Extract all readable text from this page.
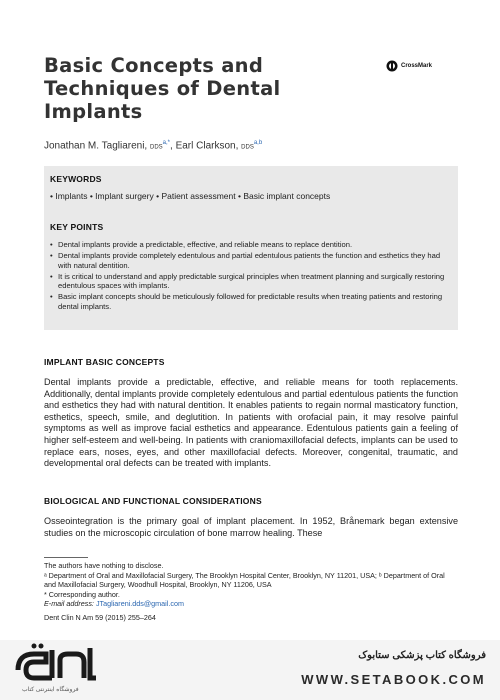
Basic Concepts and Techniques of Dental Implants
CrossMark
Jonathan M. Tagliareni, $DDS^{a,*}$, Earl Clarkson, DDS$^{a,b}$
KEYWORDS
• Implants • Implant surgery • Patient assessment • Basic implant concepts
KEY POINTS
• Dental implants provide a predictable, effective, and reliable means to replace dentition.
• Dental implants provide completely edentulous and partial edentulous patients the function and esthetics they had with natural dentition.
• It is critical to understand and apply predictable surgical principles when treatment planning and surgically restoring edentulous spaces with implants.
• Basic implant concepts should be meticulously followed for predictable results when treating patients and restoring dental implants.
IMPLANT BASIC CONCEPTS

Dental implants provide a predictable, effective, and reliable means for tooth replacements. Additionally, dental implants provide completely edentulous and partial edentulous patients the function and esthetics they had with natural dentition. It enables patients to regain normal masticatory function, esthetics, speech, smile, and deglutition. In patients with orofacial pain, it may resolve painful symptoms as well as improve facial esthetics and appearance. Edentulous patients gain a feeling of higher self-esteem and well-being. In patients with craniomaxillofacial defects, implants can be used to replace ears, noses, eyes, and other maxillofacial defects. Moreover, congenital, traumatic, and developmental oral defects can be treated with implants.

BIOLOGICAL AND FUNCTIONAL CONSIDERATIONS

Osseointegration is the primary goal of implant placement. In 1952, Brånemark began extensive studies on the microscopic circulation of bone marrow healing. These

The authors have nothing to disclose.
ᵃ Department of Oral and Maxillofacial Surgery, The Brooklyn Hospital Center, Brooklyn, NY 11201, USA; ᵇ Department of Oral and Maxillofacial Surgery, Woodhull Hospital, Brooklyn, NY 11206, USA
* Corresponding author.
E-mail address: JTagliareni.dds@gmail.com
Dent Clin N Am 59 (2015) 255–264
فروشگاه اینترنتی کتاب
فروشگاه کتاب پزشکی ستابوک
WWW.SETABOOK.COM
